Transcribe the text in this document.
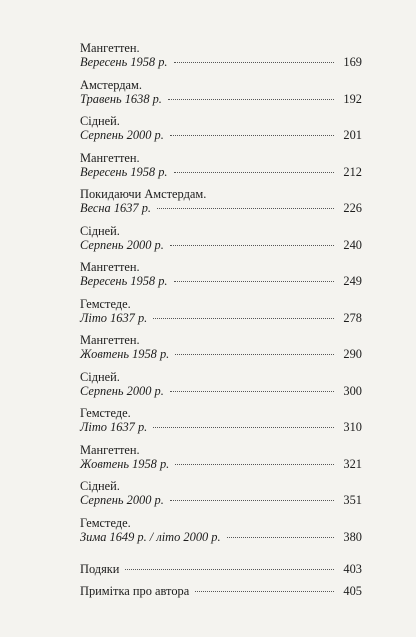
Мангеттен.
Вересень 1958 р.	169
Амстердам.
Травень 1638 р.	192
Сідней.
Серпень 2000 р.	201
Мангеттен.
Вересень 1958 р.	212
Покидаючи Амстердам.
Весна 1637 р.	226
Сідней.
Серпень 2000 р.	240
Мангеттен.
Вересень 1958 р.	249
Гемстеде.
Літо 1637 р.	278
Мангеттен.
Жовтень 1958 р.	290
Сідней.
Серпень 2000 р.	300
Гемстеде.
Літо 1637 р.	310
Мангеттен.
Жовтень 1958 р.	321
Сідней.
Серпень 2000 р.	351
Гемстеде.
Зима 1649 р. / літо 2000 р.	380
Подяки	403
Примітка про автора	405
